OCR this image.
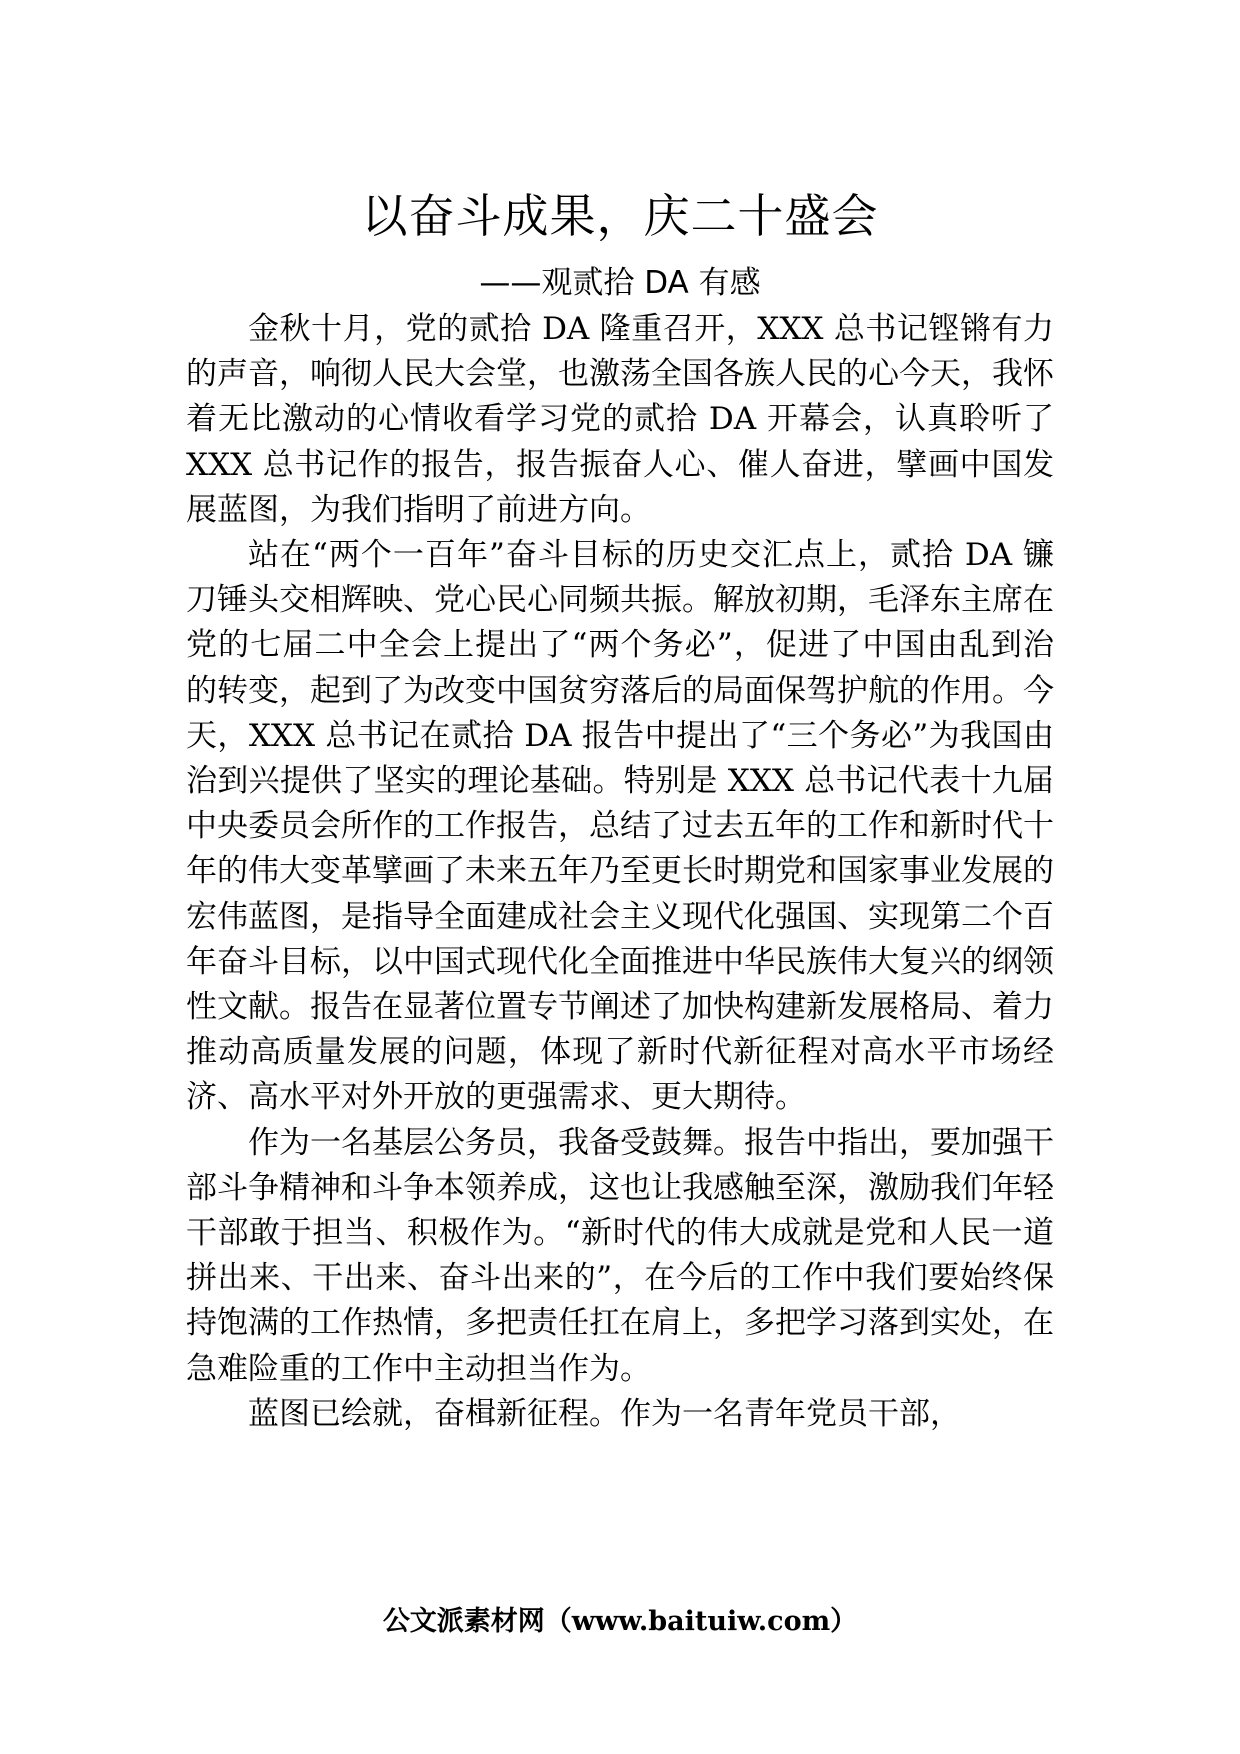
以奋斗成果，庆二十盛会
——观贰拾 DA 有感

金秋十月，党的贰拾 DA 隆重召开，XXX 总书记铿锵有力的声音，响彻人民大会堂，也激荡全国各族人民的心今天，我怀着无比激动的心情收看学习党的贰拾 DA 开幕会，认真聆听了 XXX 总书记作的报告，报告振奋人心、催人奋进，擘画中国发展蓝图，为我们指明了前进方向。

站在“两个一百年”奋斗目标的历史交汇点上，贰拾 DA 镰刀锤头交相辉映、党心民心同频共振。解放初期，毛泽东主席在党的七届二中全会上提出了“两个务必”，促进了中国由乱到治的转变，起到了为改变中国贫穷落后的局面保驾护航的作用。今天，XXX 总书记在贰拾 DA 报告中提出了“三个务必”为我国由治到兴提供了坚实的理论基础。特别是 XXX 总书记代表十九届中央委员会所作的工作报告，总结了过去五年的工作和新时代十年的伟大变革擘画了未来五年乃至更长时期党和国家事业发展的宏伟蓝图，是指导全面建成社会主义现代化强国、实现第二个百年奋斗目标，以中国式现代化全面推进中华民族伟大复兴的纲领性文献。报告在显著位置专节阐述了加快构建新发展格局、着力推动高质量发展的问题，体现了新时代新征程对高水平市场经济、高水平对外开放的更强需求、更大期待。

作为一名基层公务员，我备受鼓舞。报告中指出，要加强干部斗争精神和斗争本领养成，这也让我感触至深，激励我们年轻干部敢于担当、积极作为。“新时代的伟大成就是党和人民一道拼出来、干出来、奋斗出来的”，在今后的工作中我们要始终保持饱满的工作热情，多把责任扛在肩上，多把学习落到实处，在急难险重的工作中主动担当作为。

蓝图已绘就，奋楫新征程。作为一名青年党员干部，

公文派素材网（www.baituiw.com）
